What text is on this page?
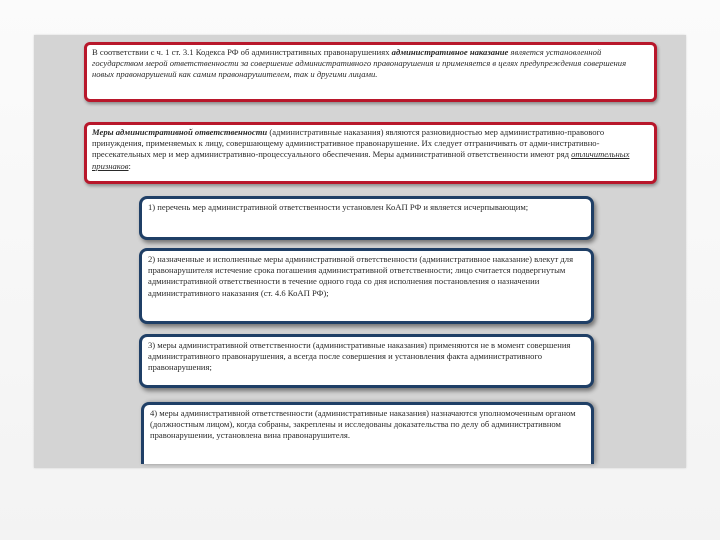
В соответствии с ч. 1 ст. 3.1 Кодекса РФ об административных правонарушениях административное наказание является установленной государством мерой ответственности за совершение административного правонарушения и применяется в целях предупреждения совершения новых правонарушений как самим правонарушителем, так и другими лицами.

Меры административной ответственности (административные наказания) являются разновидностью мер административно-правового принуждения, применяемых к лицу, совершающему административное правонарушение. Их следует отграничивать от адми-нистративно-пресекательных мер и мер административно-процессуального обеспечения. Меры административной ответственности имеют ряд отличительных признаков:

1) перечень мер административной ответственности установлен КоАП РФ и является исчерпывающим;

2) назначенные и исполненные меры административной ответственности (административное наказание) влекут для правонарушителя истечение срока погашения административной ответственности; лицо считается подвергнутым административной ответственности в течение одного года со дня исполнения постановления о назначении административного наказания (ст. 4.6 КоАП РФ);

3) меры административной ответственности (административные наказания) применяются не в момент совершения административного правонарушения, а всегда после совершения и установления факта административного правонарушения;

4) меры административной ответственности (административные наказания) назначаются уполномоченным органом (должностным лицом), когда собраны, закреплены и исследованы доказательства по делу об административном правонарушении, установлена вина правонарушителя.
